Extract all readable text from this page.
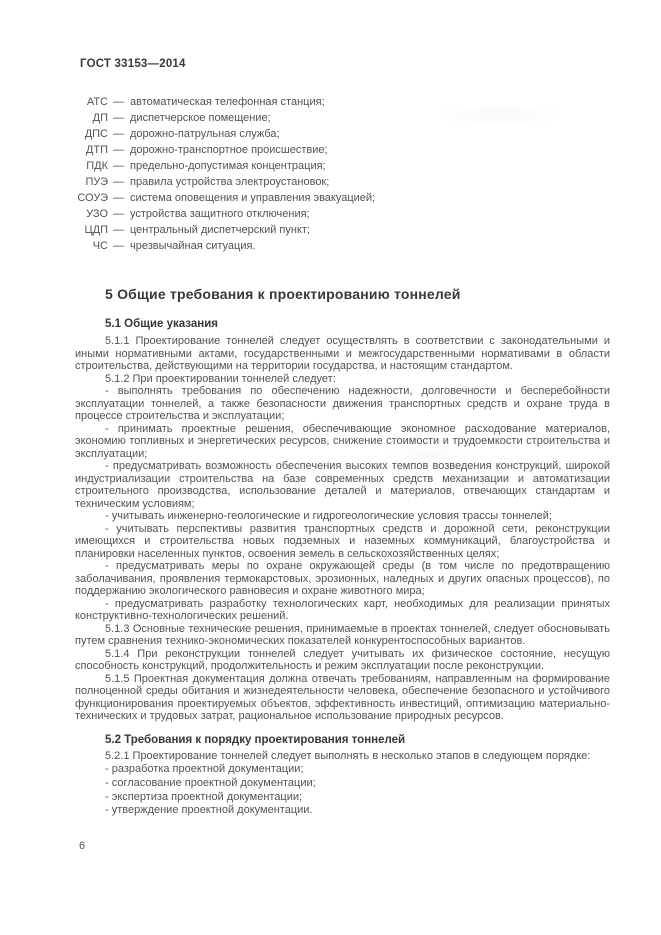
ГОСТ 33153—2014
АТС — автоматическая телефонная станция;
ДП — диспетчерское помещение;
ДПС — дорожно-патрульная служба;
ДТП — дорожно-транспортное происшествие;
ПДК — предельно-допустимая концентрация;
ПУЭ — правила устройства электроустановок;
СОУЭ — система оповещения и управления эвакуацией;
УЗО — устройства защитного отключения;
ЦДП — центральный диспетчерский пункт;
ЧС — чрезвычайная ситуация.
5 Общие требования к проектированию тоннелей
5.1 Общие указания

5.1.1 Проектирование тоннелей следует осуществлять в соответствии с законодательными и иными нормативными актами, государственными и межгосударственными нормативами в области строительства, действующими на территории государства, и настоящим стандартом.

5.1.2 При проектировании тоннелей следует:

- выполнять требования по обеспечению надежности, долговечности и бесперебойности эксплуатации тоннелей, а также безопасности движения транспортных средств и охране труда в процессе строительства и эксплуатации;

- принимать проектные решения, обеспечивающие экономное расходование материалов, экономию топливных и энергетических ресурсов, снижение стоимости и трудоемкости строительства и эксплуатации;

- предусматривать возможность обеспечения высоких темпов возведения конструкций, широкой индустриализации строительства на базе современных средств механизации и автоматизации строительного производства, использование деталей и материалов, отвечающих стандартам и техническим условиям;

- учитывать инженерно-геологические и гидрогеологические условия трассы тоннелей;

- учитывать перспективы развития транспортных средств и дорожной сети, реконструкции имеющихся и строительства новых подземных и наземных коммуникаций, благоустройства и планировки населенных пунктов, освоения земель в сельскохозяйственных целях;

- предусматривать меры по охране окружающей среды (в том числе по предотвращению заболачивания, проявления термокарстовых, эрозионных, наледных и других опасных процессов), по поддержанию экологического равновесия и охране животного мира;

- предусматривать разработку технологических карт, необходимых для реализации принятых конструктивно-технологических решений.

5.1.3 Основные технические решения, принимаемые в проектах тоннелей, следует обосновывать путем сравнения технико-экономических показателей конкурентоспособных вариантов.

5.1.4 При реконструкции тоннелей следует учитывать их физическое состояние, несущую способность конструкций, продолжительность и режим эксплуатации после реконструкции.

5.1.5 Проектная документация должна отвечать требованиям, направленным на формирование полноценной среды обитания и жизнедеятельности человека, обеспечение безопасного и устойчивого функционирования проектируемых объектов, эффективность инвестиций, оптимизацию материально-технических и трудовых затрат, рациональное использование природных ресурсов.

5.2 Требования к порядку проектирования тоннелей

5.2.1 Проектирование тоннелей следует выполнять в несколько этапов в следующем порядке:

- разработка проектной документации;

- согласование проектной документации;

- экспертиза проектной документации;

- утверждение проектной документации.

6
